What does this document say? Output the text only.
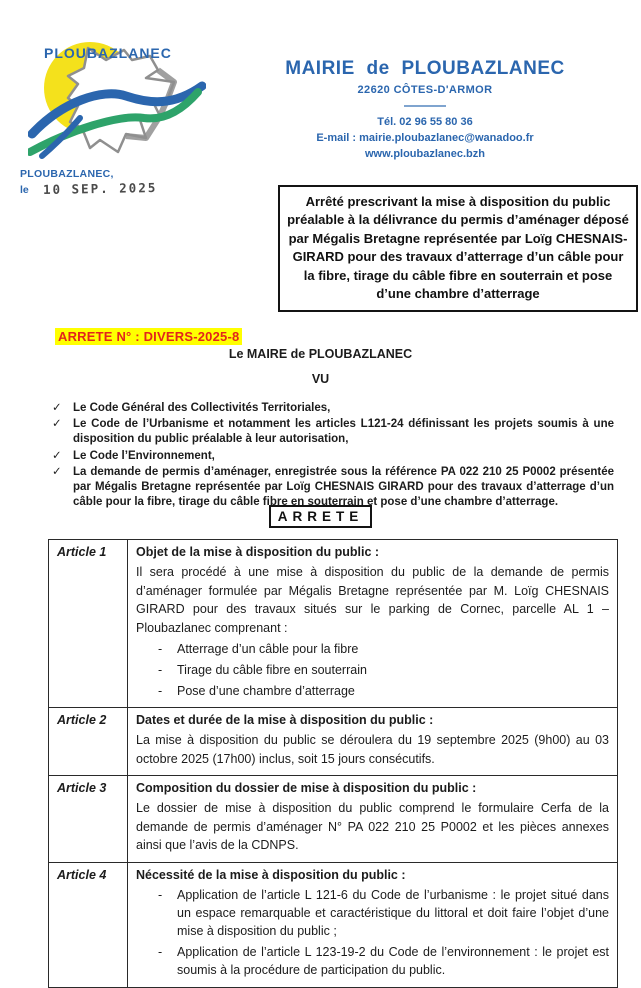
PLOUBAZLANEC
PLOUBAZLANEC,
le 10 SEP. 2025
MAIRIE de PLOUBAZLANEC
22620 CÔTES-D'ARMOR
Tél. 02 96 55 80 36
E-mail : mairie.ploubazlanec@wanadoo.fr
www.ploubazlanec.bzh
Arrêté prescrivant la mise à disposition du public préalable à la délivrance du permis d’aménager déposé par Mégalis Bretagne représentée par Loïg CHESNAIS-GIRARD pour des travaux d’atterrage d’un câble pour la fibre, tirage du câble fibre en souterrain et pose d’une chambre d’atterrage
ARRETE N° : DIVERS-2025-8
Le MAIRE de PLOUBAZLANEC
VU
✓ Le Code Général des Collectivités Territoriales,
✓ Le Code de l’Urbanisme et notamment les articles L121-24 définissant les projets soumis à une disposition du public préalable à leur autorisation,
✓ Le Code l’Environnement,
✓ La demande de permis d’aménager, enregistrée sous la référence PA 022 210 25 P0002 présentée par Mégalis Bretagne représentée par Loïg CHESNAIS GIRARD pour des travaux d’atterrage d’un câble pour la fibre, tirage du câble fibre en souterrain et pose d’une chambre d’atterrage.
ARRETE
Article 1	Objet de la mise à disposition du public :
Il sera procédé à une mise à disposition du public de la demande de permis d’aménager formulée par Mégalis Bretagne représentée par M. Loïg CHESNAIS GIRARD pour des travaux situés sur le parking de Cornec, parcelle AL 1 – Ploubazlanec comprenant :
- Atterrage d’un câble pour la fibre
- Tirage du câble fibre en souterrain
- Pose d’une chambre d’atterrage

Article 2	Dates et durée de la mise à disposition du public :
La mise à disposition du public se déroulera du 19 septembre 2025 (9h00) au 03 octobre 2025 (17h00) inclus, soit 15 jours consécutifs.

Article 3	Composition du dossier de mise à disposition du public :
Le dossier de mise à disposition du public comprend le formulaire Cerfa de la demande de permis d’aménager N° PA 022 210 25 P0002 et les pièces annexes ainsi que l’avis de la CDNPS.

Article 4	Nécessité de la mise à disposition du public :
- Application de l’article L 121-6 du Code de l’urbanisme : le projet situé dans un espace remarquable et caractéristique du littoral et doit faire l’objet d’une mise à disposition du public ;
- Application de l’article L 123-19-2 du Code de l’environnement : le projet est soumis à la procédure de participation du public.
